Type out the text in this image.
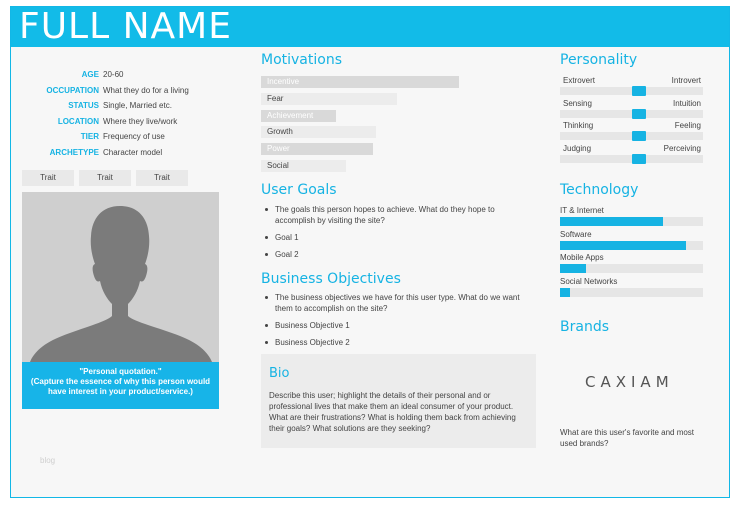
FULL NAME
AGE 20-60
OCCUPATION What they do for a living
STATUS Single, Married etc.
LOCATION Where they live/work
TIER Frequency of use
ARCHETYPE Character model
Trait	Trait	Trait
"Personal quotation."
(Capture the essence of why this person would have interest in your product/service.)
blog
Motivations
Incentive
Fear
Achievement
Growth
Power
Social
User Goals
The goals this person hopes to achieve. What do they hope to accomplish by visiting the site?
Goal 1
Goal 2
Business Objectives
The business objectives we have for this user type. What do we want them to accomplish on the site?
Business Objective 1
Business Objective 2
Bio
Describe this user; highlight the details of their personal and or professional lives that make them an ideal consumer of your product. What are their frustrations? What is holding them back from achieving their goals? What solutions are they seeking?
Personality
Extrovert	Introvert
Sensing	Intuition
Thinking	Feeling
Judging	Perceiving
Technology
IT & Internet
Software
Mobile Apps
Social Networks
Brands
CAXIAM
What are this user's favorite and most used brands?
